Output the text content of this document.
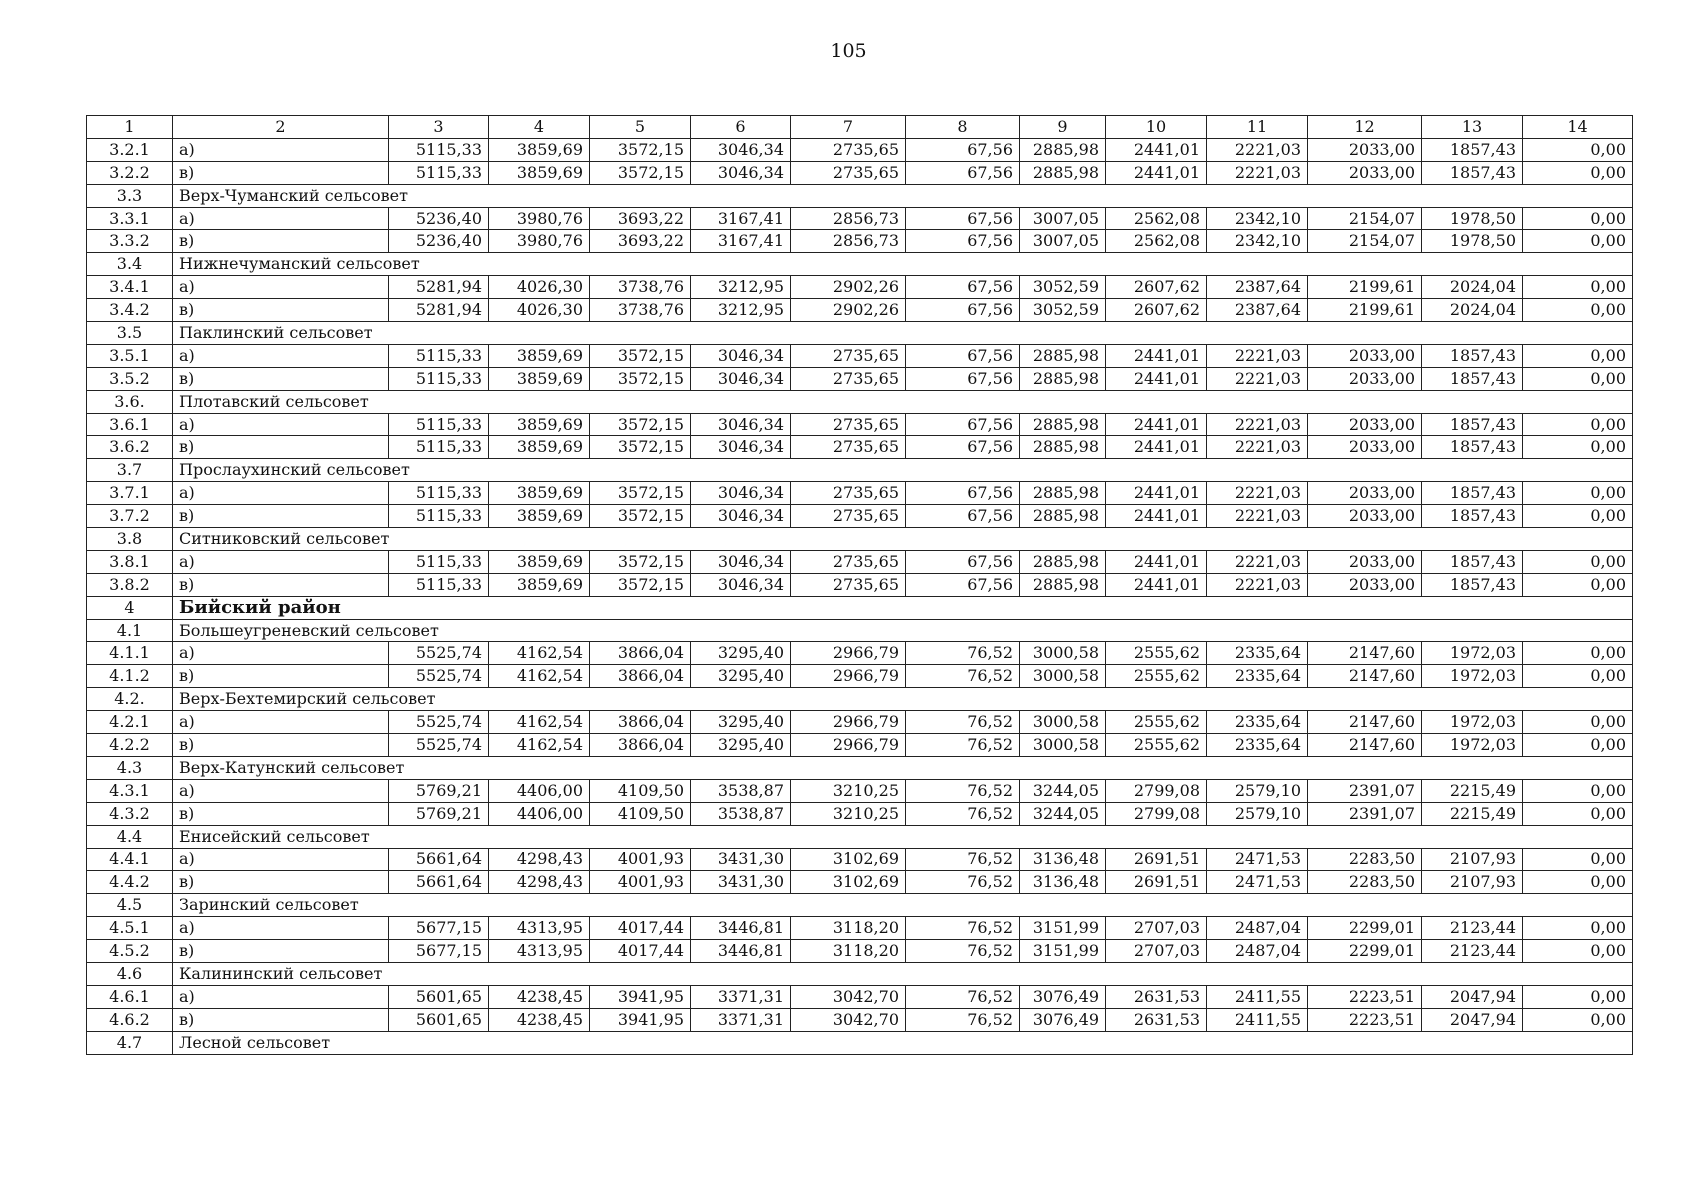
105
1	2	3	4	5	6	7	8	9	10	11	12	13	14
3.2.1	а)	5115,33	3859,69	3572,15	3046,34	2735,65	67,56	2885,98	2441,01	2221,03	2033,00	1857,43	0,00
3.2.2	в)	5115,33	3859,69	3572,15	3046,34	2735,65	67,56	2885,98	2441,01	2221,03	2033,00	1857,43	0,00
3.3	Верх-Чуманский сельсовет												
3.3.1	а)	5236,40	3980,76	3693,22	3167,41	2856,73	67,56	3007,05	2562,08	2342,10	2154,07	1978,50	0,00
3.3.2	в)	5236,40	3980,76	3693,22	3167,41	2856,73	67,56	3007,05	2562,08	2342,10	2154,07	1978,50	0,00
3.4	Нижнечуманский сельсовет												
3.4.1	а)	5281,94	4026,30	3738,76	3212,95	2902,26	67,56	3052,59	2607,62	2387,64	2199,61	2024,04	0,00
3.4.2	в)	5281,94	4026,30	3738,76	3212,95	2902,26	67,56	3052,59	2607,62	2387,64	2199,61	2024,04	0,00
3.5	Паклинский сельсовет												
3.5.1	а)	5115,33	3859,69	3572,15	3046,34	2735,65	67,56	2885,98	2441,01	2221,03	2033,00	1857,43	0,00
3.5.2	в)	5115,33	3859,69	3572,15	3046,34	2735,65	67,56	2885,98	2441,01	2221,03	2033,00	1857,43	0,00
3.6.	Плотавский сельсовет												
3.6.1	а)	5115,33	3859,69	3572,15	3046,34	2735,65	67,56	2885,98	2441,01	2221,03	2033,00	1857,43	0,00
3.6.2	в)	5115,33	3859,69	3572,15	3046,34	2735,65	67,56	2885,98	2441,01	2221,03	2033,00	1857,43	0,00
3.7	Прослаухинский сельсовет												
3.7.1	а)	5115,33	3859,69	3572,15	3046,34	2735,65	67,56	2885,98	2441,01	2221,03	2033,00	1857,43	0,00
3.7.2	в)	5115,33	3859,69	3572,15	3046,34	2735,65	67,56	2885,98	2441,01	2221,03	2033,00	1857,43	0,00
3.8	Ситниковский сельсовет												
3.8.1	а)	5115,33	3859,69	3572,15	3046,34	2735,65	67,56	2885,98	2441,01	2221,03	2033,00	1857,43	0,00
3.8.2	в)	5115,33	3859,69	3572,15	3046,34	2735,65	67,56	2885,98	2441,01	2221,03	2033,00	1857,43	0,00
4	Бийский район												
4.1	Большеугреневский сельсовет												
4.1.1	а)	5525,74	4162,54	3866,04	3295,40	2966,79	76,52	3000,58	2555,62	2335,64	2147,60	1972,03	0,00
4.1.2	в)	5525,74	4162,54	3866,04	3295,40	2966,79	76,52	3000,58	2555,62	2335,64	2147,60	1972,03	0,00
4.2.	Верх-Бехтемирский сельсовет												
4.2.1	а)	5525,74	4162,54	3866,04	3295,40	2966,79	76,52	3000,58	2555,62	2335,64	2147,60	1972,03	0,00
4.2.2	в)	5525,74	4162,54	3866,04	3295,40	2966,79	76,52	3000,58	2555,62	2335,64	2147,60	1972,03	0,00
4.3	Верх-Катунский сельсовет												
4.3.1	а)	5769,21	4406,00	4109,50	3538,87	3210,25	76,52	3244,05	2799,08	2579,10	2391,07	2215,49	0,00
4.3.2	в)	5769,21	4406,00	4109,50	3538,87	3210,25	76,52	3244,05	2799,08	2579,10	2391,07	2215,49	0,00
4.4	Енисейский сельсовет												
4.4.1	а)	5661,64	4298,43	4001,93	3431,30	3102,69	76,52	3136,48	2691,51	2471,53	2283,50	2107,93	0,00
4.4.2	в)	5661,64	4298,43	4001,93	3431,30	3102,69	76,52	3136,48	2691,51	2471,53	2283,50	2107,93	0,00
4.5	Заринский сельсовет												
4.5.1	а)	5677,15	4313,95	4017,44	3446,81	3118,20	76,52	3151,99	2707,03	2487,04	2299,01	2123,44	0,00
4.5.2	в)	5677,15	4313,95	4017,44	3446,81	3118,20	76,52	3151,99	2707,03	2487,04	2299,01	2123,44	0,00
4.6	Калининский сельсовет												
4.6.1	а)	5601,65	4238,45	3941,95	3371,31	3042,70	76,52	3076,49	2631,53	2411,55	2223,51	2047,94	0,00
4.6.2	в)	5601,65	4238,45	3941,95	3371,31	3042,70	76,52	3076,49	2631,53	2411,55	2223,51	2047,94	0,00
4.7	Лесной сельсовет												
